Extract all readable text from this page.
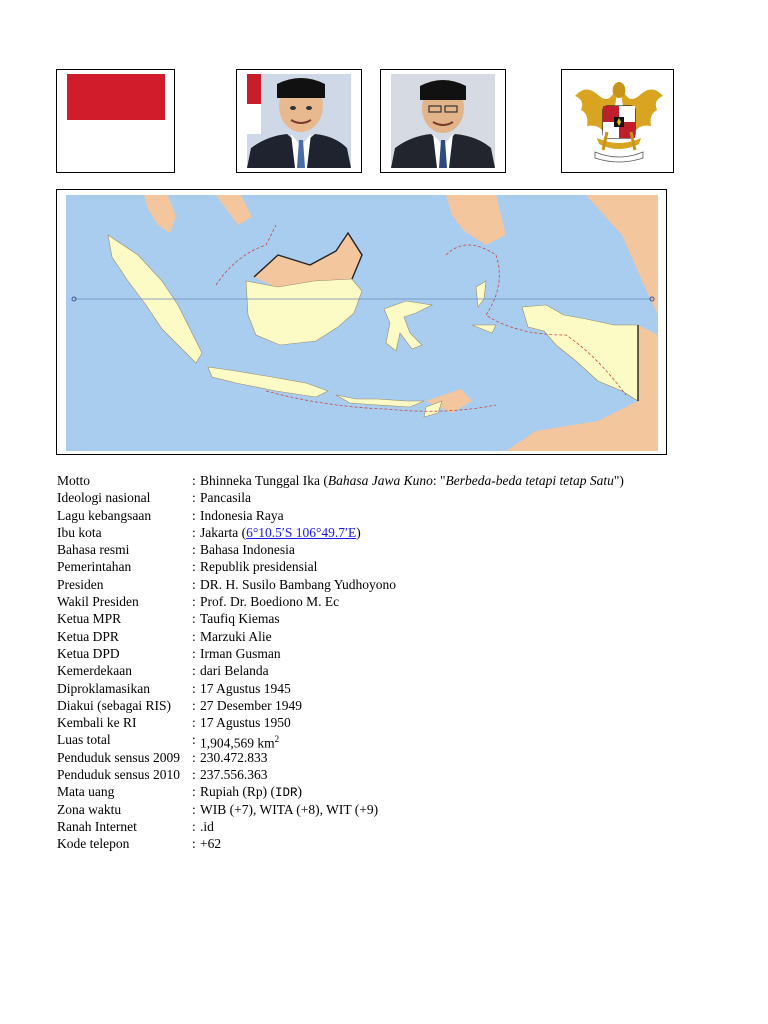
Motto	: Bhinneka Tunggal Ika (Bahasa Jawa Kuno: "Berbeda-beda tetapi tetap Satu")
Ideologi nasional	: Pancasila
Lagu kebangsaan	: Indonesia Raya
Ibu kota	: Jakarta (6°10.5′S 106°49.7′E)
Bahasa resmi	: Bahasa Indonesia
Pemerintahan	: Republik presidensial
Presiden	: DR. H. Susilo Bambang Yudhoyono
Wakil Presiden	: Prof. Dr. Boediono M. Ec
Ketua MPR	: Taufiq Kiemas
Ketua DPR	: Marzuki Alie
Ketua DPD	: Irman Gusman
Kemerdekaan	: dari Belanda
Diproklamasikan	: 17 Agustus 1945
Diakui (sebagai RIS)	: 27 Desember 1949
Kembali ke RI	: 17 Agustus 1950
Luas total	: 1,904,569 $km^2$
Penduduk sensus 2009 : 230.472.833
Penduduk sensus 2010 : 237.556.363
Mata uang	: Rupiah (Rp) (IDR)
Zona waktu	: WIB (+7), WITA (+8), WIT (+9)
Ranah Internet	: .id
Kode telepon	: +62
